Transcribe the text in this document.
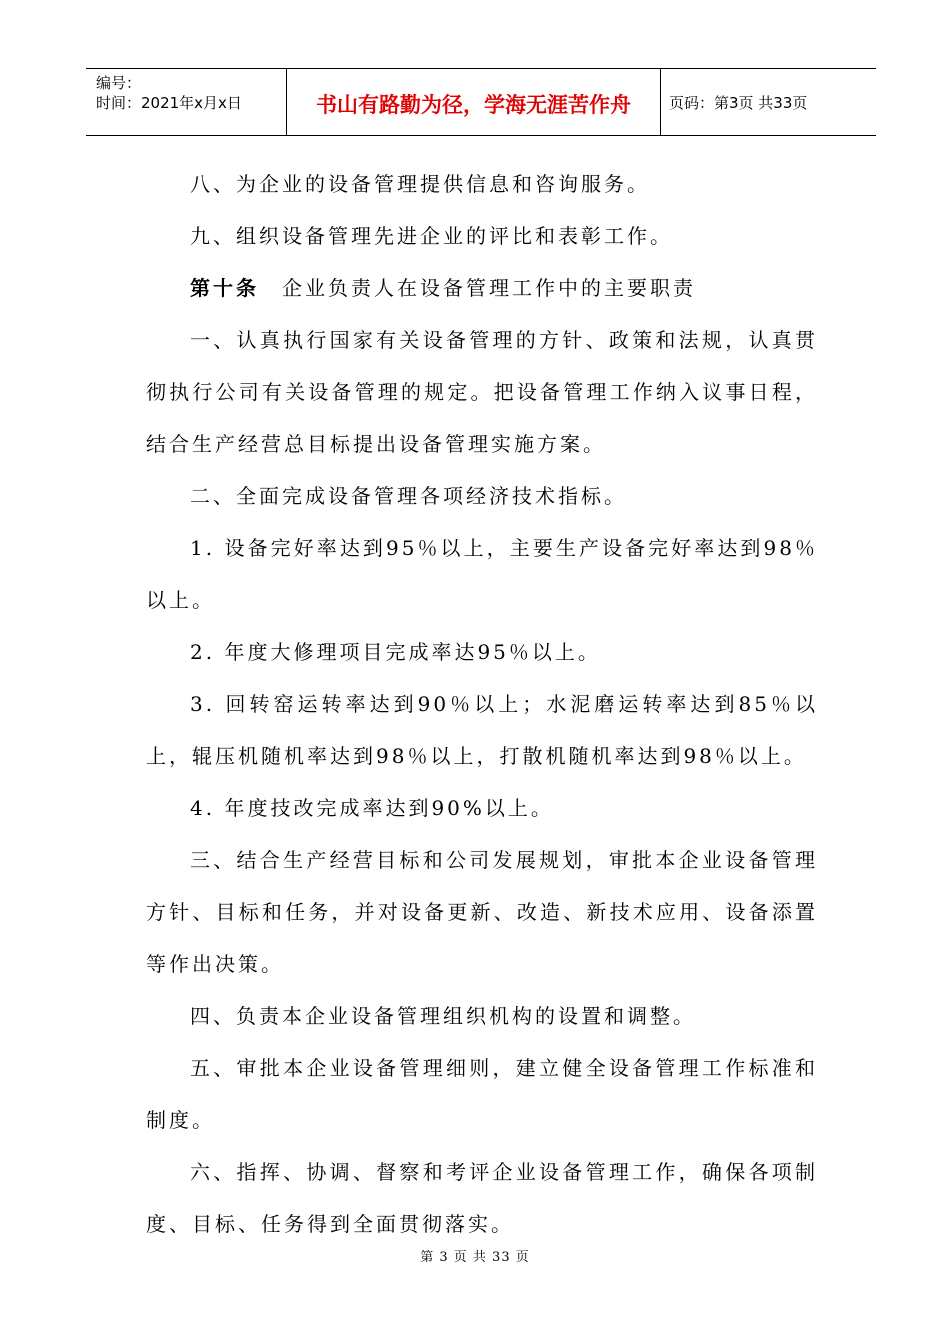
编号：
时间：2021年x月x日	书山有路勤为径，学海无涯苦作舟	页码：第3页 共33页

八、为企业的设备管理提供信息和咨询服务。

九、组织设备管理先进企业的评比和表彰工作。

第十条　企业负责人在设备管理工作中的主要职责

一、认真执行国家有关设备管理的方针、政策和法规，认真贯彻执行公司有关设备管理的规定。把设备管理工作纳入议事日程，结合生产经营总目标提出设备管理实施方案。

二、全面完成设备管理各项经济技术指标。

1. 设备完好率达到95％以上，主要生产设备完好率达到98％以上。

2. 年度大修理项目完成率达95％以上。

3. 回转窑运转率达到90％以上；水泥磨运转率达到85％以上，辊压机随机率达到98％以上，打散机随机率达到98％以上。

4. 年度技改完成率达到90%以上。

三、结合生产经营目标和公司发展规划，审批本企业设备管理方针、目标和任务，并对设备更新、改造、新技术应用、设备添置等作出决策。

四、负责本企业设备管理组织机构的设置和调整。

五、审批本企业设备管理细则，建立健全设备管理工作标准和制度。

六、指挥、协调、督察和考评企业设备管理工作，确保各项制度、目标、任务得到全面贯彻落实。

第 3 页 共 33 页
